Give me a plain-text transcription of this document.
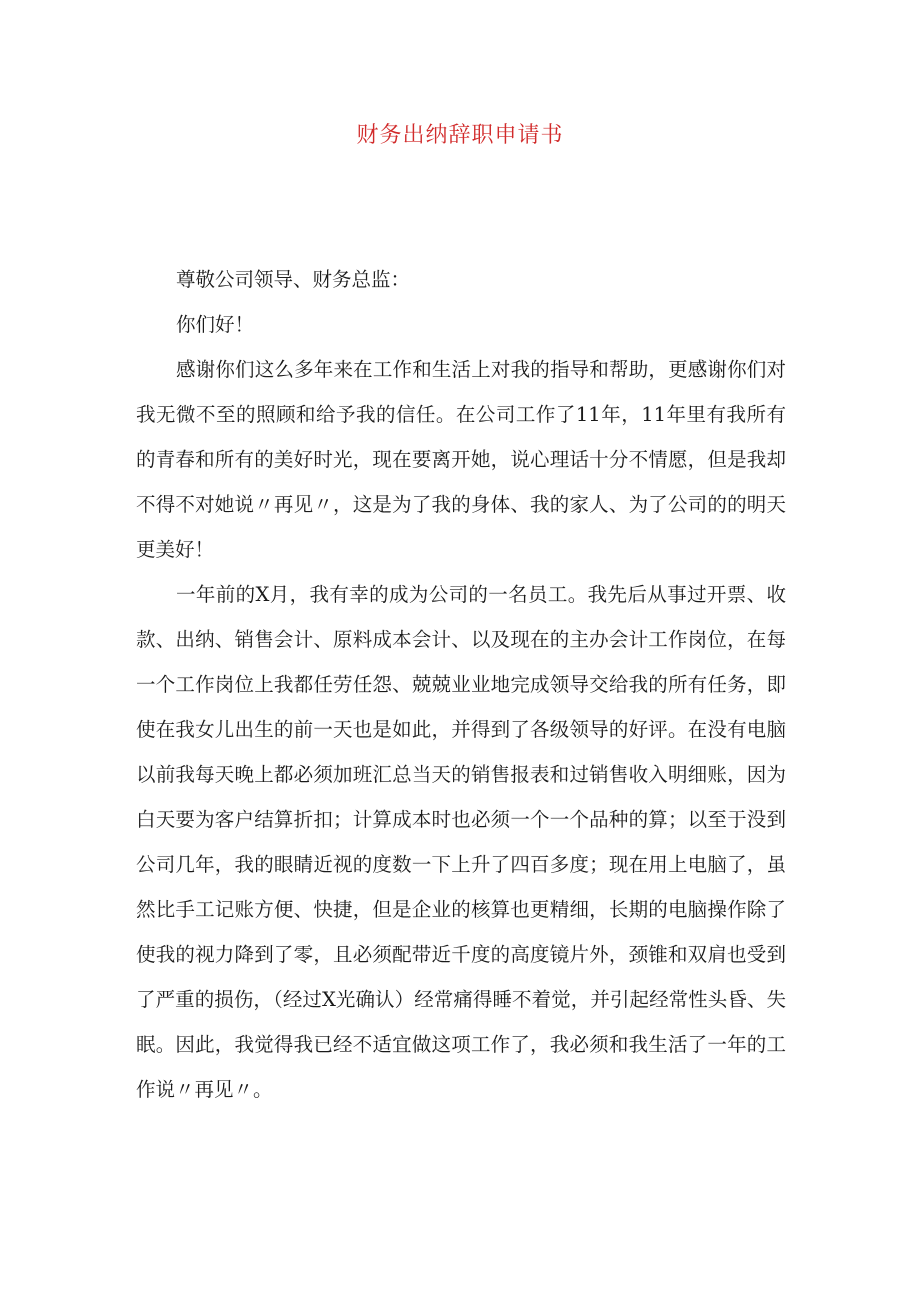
财务出纳辞职申请书

尊敬公司领导、财务总监：

你们好！

感谢你们这么多年来在工作和生活上对我的指导和帮助，更感谢你们对我无微不至的照顾和给予我的信任。在公司工作了11年，11年里有我所有的青春和所有的美好时光，现在要离开她，说心理话十分不情愿，但是我却不得不对她说〃再见〃，这是为了我的身体、我的家人、为了公司的的明天更美好！

一年前的X月，我有幸的成为公司的一名员工。我先后从事过开票、收款、出纳、销售会计、原料成本会计、以及现在的主办会计工作岗位，在每一个工作岗位上我都任劳任怨、兢兢业业地完成领导交给我的所有任务，即使在我女儿出生的前一天也是如此，并得到了各级领导的好评。在没有电脑以前我每天晚上都必须加班汇总当天的销售报表和过销售收入明细账，因为白天要为客户结算折扣；计算成本时也必须一个一个品种的算；以至于没到公司几年，我的眼睛近视的度数一下上升了四百多度；现在用上电脑了，虽然比手工记账方便、快捷，但是企业的核算也更精细，长期的电脑操作除了使我的视力降到了零，且必须配带近千度的高度镜片外，颈锥和双肩也受到了严重的损伤，（经过X光确认）经常痛得睡不着觉，并引起经常性头昏、失眠。因此，我觉得我已经不适宜做这项工作了，我必须和我生活了一年的工作说〃再见〃。
